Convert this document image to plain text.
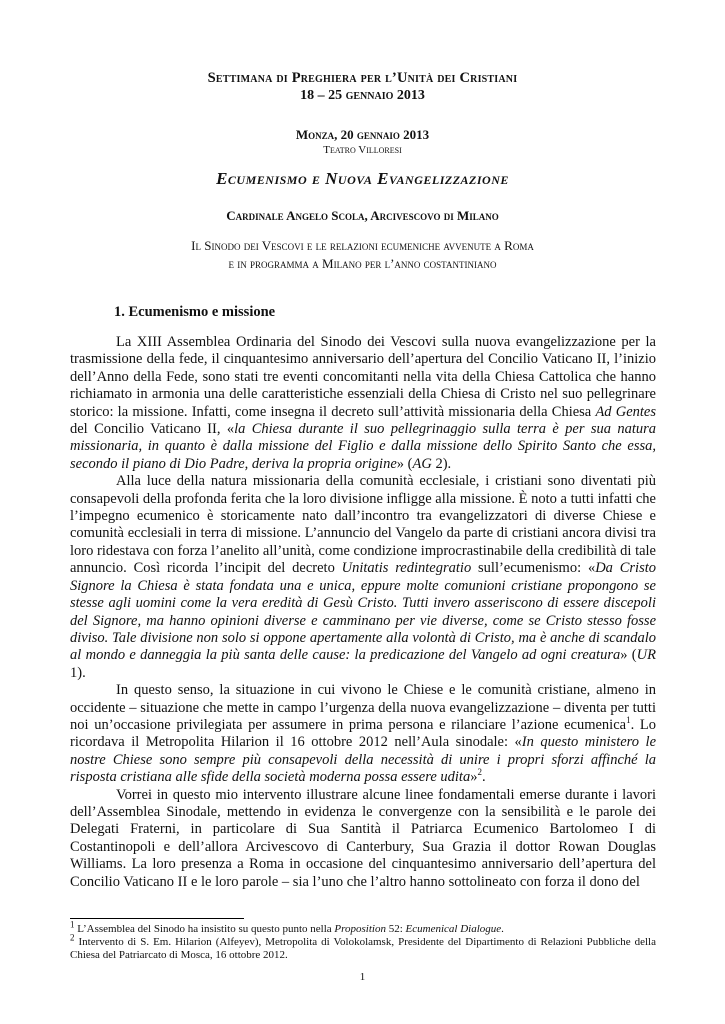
Settimana di Preghiera per l’Unità dei Cristiani
18 – 25 gennaio 2013
Monza, 20 gennaio 2013
Teatro Villoresi
Ecumenismo e Nuova Evangelizzazione
Cardinale Angelo Scola, Arcivescovo di Milano
Il Sinodo dei Vescovi e le relazioni ecumeniche avvenute a Roma
e in programma a Milano per l’anno costantiniano
1. Ecumenismo e missione

La XIII Assemblea Ordinaria del Sinodo dei Vescovi sulla nuova evangelizzazione per la trasmissione della fede, il cinquantesimo anniversario dell’apertura del Concilio Vaticano II, l’inizio dell’Anno della Fede, sono stati tre eventi concomitanti nella vita della Chiesa Cattolica che hanno richiamato in armonia una delle caratteristiche essenziali della Chiesa di Cristo nel suo pellegrinare storico: la missione. Infatti, come insegna il decreto sull’attività missionaria della Chiesa Ad Gentes del Concilio Vaticano II, «la Chiesa durante il suo pellegrinaggio sulla terra è per sua natura missionaria, in quanto è dalla missione del Figlio e dalla missione dello Spirito Santo che essa, secondo il piano di Dio Padre, deriva la propria origine» (AG 2).

Alla luce della natura missionaria della comunità ecclesiale, i cristiani sono diventati più consapevoli della profonda ferita che la loro divisione infligge alla missione. È noto a tutti infatti che l’impegno ecumenico è storicamente nato dall’incontro tra evangelizzatori di diverse Chiese e comunità ecclesiali in terra di missione. L’annuncio del Vangelo da parte di cristiani ancora divisi tra loro ridestava con forza l’anelito all’unità, come condizione improcrastinabile della credibilità di tale annuncio. Così ricorda l’incipit del decreto Unitatis redintegratio sull’ecumenismo: «Da Cristo Signore la Chiesa è stata fondata una e unica, eppure molte comunioni cristiane propongono se stesse agli uomini come la vera eredità di Gesù Cristo. Tutti invero asseriscono di essere discepoli del Signore, ma hanno opinioni diverse e camminano per vie diverse, come se Cristo stesso fosse diviso. Tale divisione non solo si oppone apertamente alla volontà di Cristo, ma è anche di scandalo al mondo e danneggia la più santa delle cause: la predicazione del Vangelo ad ogni creatura» (UR 1).

In questo senso, la situazione in cui vivono le Chiese e le comunità cristiane, almeno in occidente – situazione che mette in campo l’urgenza della nuova evangelizzazione – diventa per tutti noi un’occasione privilegiata per assumere in prima persona e rilanciare l’azione ecumenica$^1$. Lo ricordava il Metropolita Hilarion il 16 ottobre 2012 nell’Aula sinodale: «In questo ministero le nostre Chiese sono sempre più consapevoli della necessità di unire i propri sforzi affinché la risposta cristiana alle sfide della società moderna possa essere udita»$^2$.

Vorrei in questo mio intervento illustrare alcune linee fondamentali emerse durante i lavori dell’Assemblea Sinodale, mettendo in evidenza le convergenze con la sensibilità e le parole dei Delegati Fraterni, in particolare di Sua Santità il Patriarca Ecumenico Bartolomeo I di Costantinopoli e dell’allora Arcivescovo di Canterbury, Sua Grazia il dottor Rowan Douglas Williams. La loro presenza a Roma in occasione del cinquantesimo anniversario dell’apertura del Concilio Vaticano II e le loro parole – sia l’uno che l’altro hanno sottolineato con forza il dono del

$^1$ L’Assemblea del Sinodo ha insistito su questo punto nella Proposition 52: Ecumenical Dialogue.
$^2$ Intervento di S. Em. Hilarion (Alfeyev), Metropolita di Volokolamsk, Presidente del Dipartimento di Relazioni Pubbliche della Chiesa del Patriarcato di Mosca, 16 ottobre 2012.
1
